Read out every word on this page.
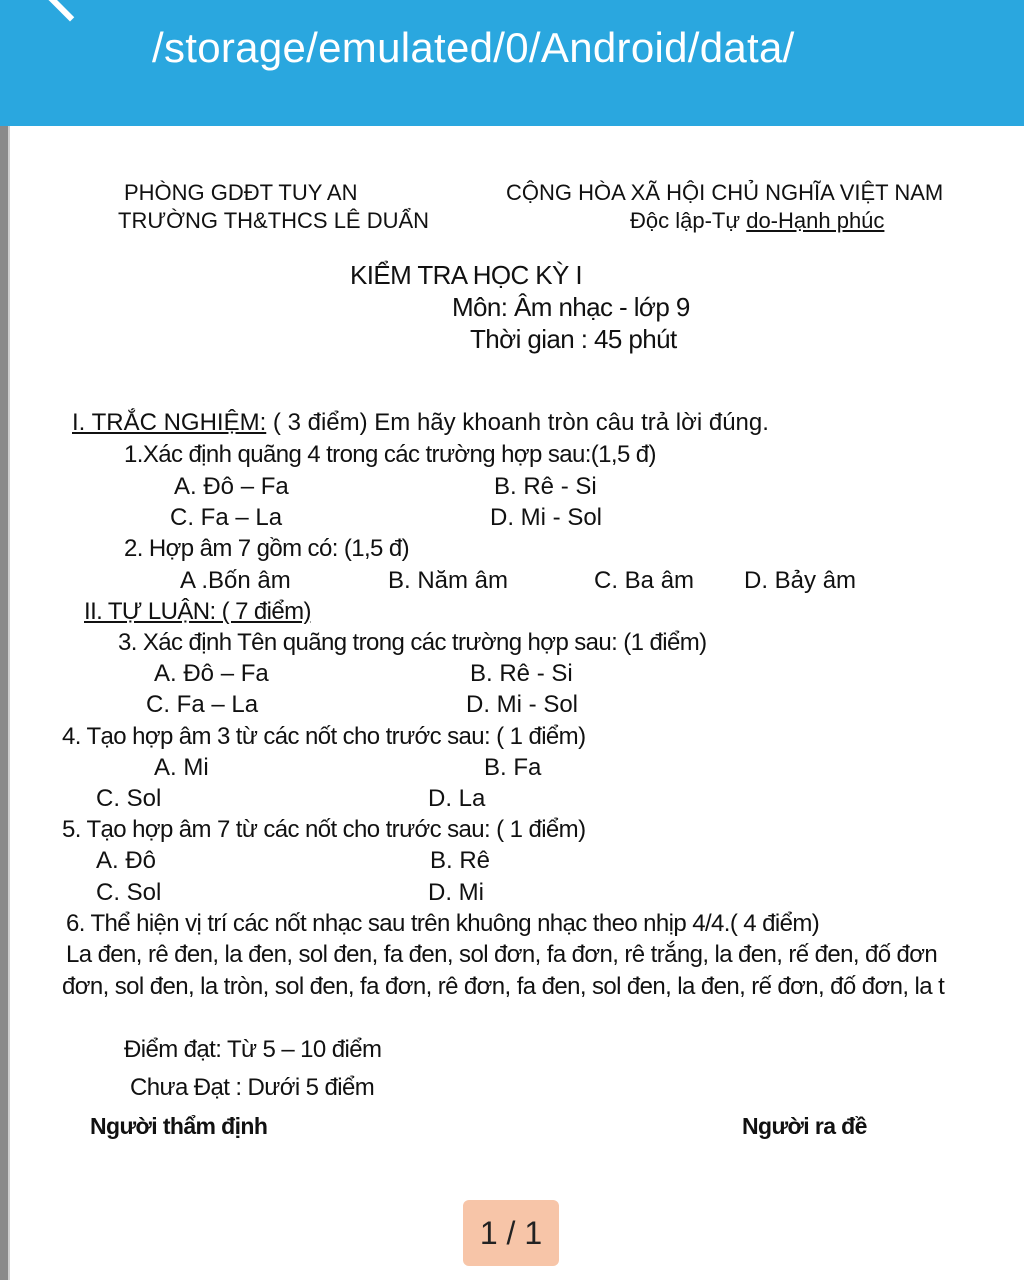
/storage/emulated/0/Android/data/
PHÒNG GDĐT TUY AN
TRƯỜNG TH&THCS LÊ DUẨN
CỘNG HÒA XÃ HỘI CHỦ NGHĨA VIỆT NAM
Độc lập-Tự do-Hạnh phúc
KIỂM TRA HỌC KỲ I
Môn: Âm nhạc - lớp 9
Thời gian : 45 phút
I. TRẮC NGHIỆM: ( 3 điểm) Em hãy khoanh tròn câu trả lời đúng.
1.Xác định quãng 4 trong các trường hợp sau:(1,5 đ)
A. Đô – Fa	B. Rê - Si
C. Fa – La	D. Mi - Sol
2. Hợp âm 7 gồm có: (1,5 đ)
A .Bốn âm	B. Năm âm	C. Ba âm D. Bảy âm
II. TỰ LUẬN: ( 7 điểm)
3. Xác định Tên quãng trong các trường hợp sau: (1 điểm)
A. Đô – Fa	B. Rê - Si
C. Fa – La	D. Mi - Sol
4. Tạo hợp âm 3 từ các nốt cho trước sau: ( 1 điểm)
A. Mi	B. Fa
C. Sol	D. La
5. Tạo hợp âm 7 từ các nốt cho trước sau: ( 1 điểm)
A. Đô	B. Rê
C. Sol	D. Mi
6. Thể hiện vị trí các nốt nhạc sau trên khuông nhạc theo nhịp 4/4.( 4 điểm)
La đen, rê đen, la đen, sol đen, fa đen, sol đơn, fa đơn, rê trắng, la đen, rế đen, đố đơn
đơn, sol đen, la tròn, sol đen, fa đơn, rê đơn, fa đen, sol đen, la đen, rế đơn, đố đơn, la t
Điểm đạt: Từ 5 – 10 điểm
Chưa Đạt : Dưới 5 điểm
Người thẩm định	Người ra đề
1 / 1
